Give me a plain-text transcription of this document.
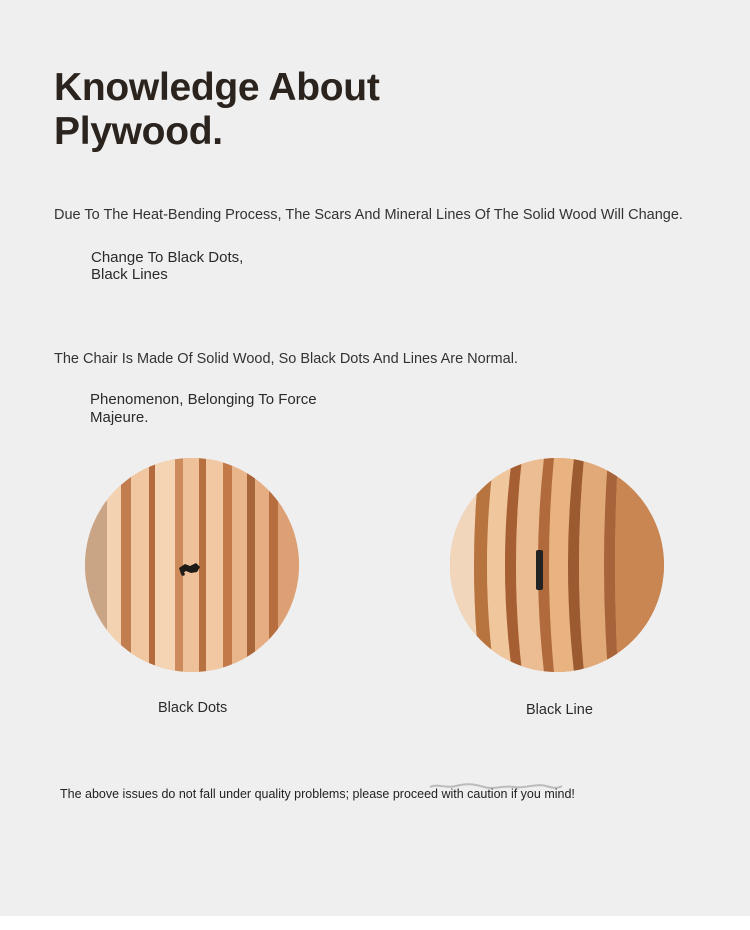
Knowledge About
Plywood.

Due To The Heat-Bending Process, The Scars And Mineral Lines Of The Solid Wood Will Change.

Change To Black Dots,
Black Lines

The Chair Is Made Of Solid Wood, So Black Dots And Lines Are Normal.

Phenomenon, Belonging To Force
Majeure.

Black Dots	Black Line

The above issues do not fall under quality problems; please proceed with caution if you mind!
